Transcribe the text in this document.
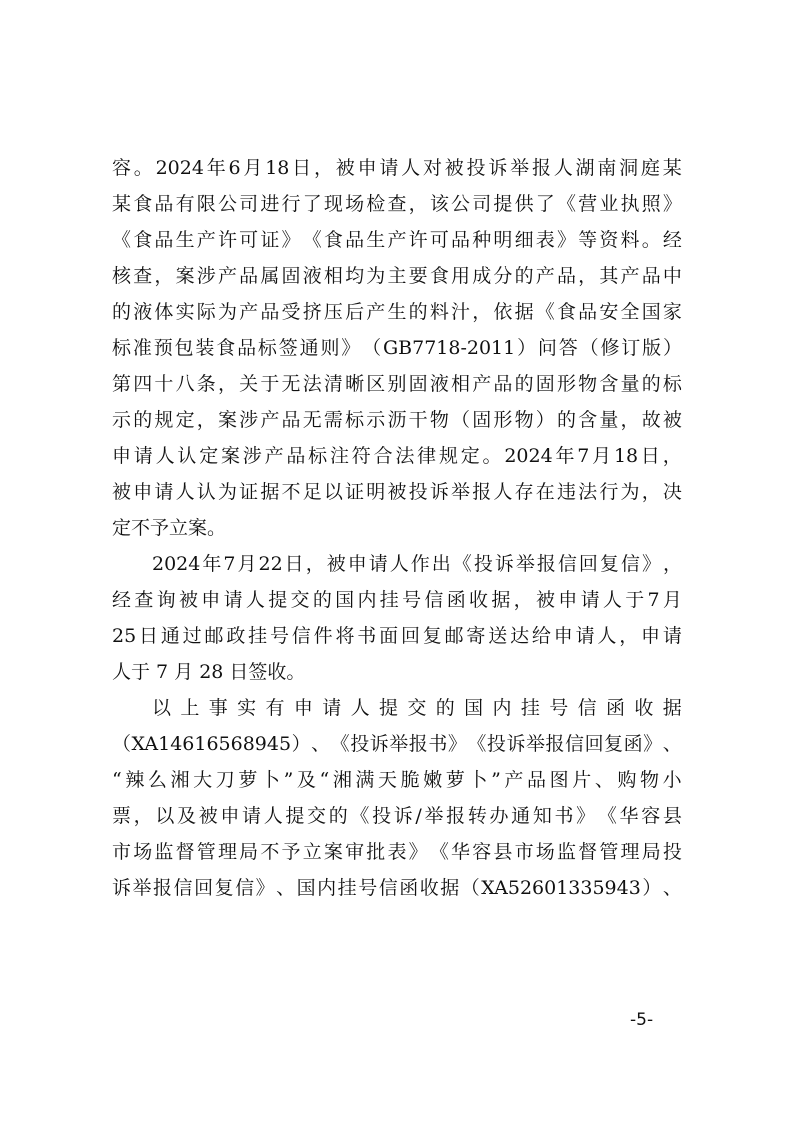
容 。 2024 年 6 月 18 日 ， 被 申 请 人 对 被 投 诉 举 报 人 湖 南 洞 庭 某
某 食 品 有 限 公 司 进 行 了 现 场 检 查 ， 该 公 司 提 供 了 《 营 业 执 照 》
《 食 品 生 产 许 可 证 》 《 食 品 生 产 许 可 品 种 明 细 表 》 等 资 料 。 经
核 查 ， 案 涉 产 品 属 固 液 相 均 为 主 要 食 用 成 分 的 产 品 ， 其 产 品 中
的 液 体 实 际 为 产 品 受 挤 压 后 产 生 的 料 汁 ， 依 据 《 食 品 安 全 国 家
标 准 预 包 装 食 品 标 签 通 则 》 （ GB7718-2011 ） 问 答 （ 修 订 版 ）
第 四 十 八 条 ， 关 于 无 法 清 晰 区 别 固 液 相 产 品 的 固 形 物 含 量 的 标
示 的 规 定 ， 案 涉 产 品 无 需 标 示 沥 干 物 （ 固 形 物 ） 的 含 量 ， 故 被
申 请 人 认 定 案 涉 产 品 标 注 符 合 法 律 规 定 。 2024 年 7 月 18 日 ，
被 申 请 人 认 为 证 据 不 足 以 证 明 被 投 诉 举 报 人 存 在 违 法 行 为 ， 决
定不予立案。
2024 年 7 月 22 日 ， 被 申 请 人 作 出 《 投 诉 举 报 信 回 复 信 》 ，
经 查 询 被 申 请 人 提 交 的 国 内 挂 号 信 函 收 据 ， 被 申 请 人 于 7 月
25 日 通 过 邮 政 挂 号 信 件 将 书 面 回 复 邮 寄 送 达 给 申 请 人 ， 申 请
人于 7 月 28 日签收。
以 上 事 实 有 申 请 人 提 交 的 国 内 挂 号 信 函 收 据
（ XA14616568945 ） 、 《 投 诉 举 报 书 》 《 投 诉 举 报 信 回 复 函 》 、
“ 辣 么 湘 大 刀 萝 卜 ” 及 “ 湘 满 天 脆 嫩 萝 卜 ” 产 品 图 片 、 购 物 小
票 ， 以 及 被 申 请 人 提 交 的 《 投 诉 / 举 报 转 办 通 知 书 》 《 华 容 县
市 场 监 督 管 理 局 不 予 立 案 审 批 表 》 《 华 容 县 市 场 监 督 管 理 局 投
诉 举 报 信 回 复 信 》 、 国 内 挂 号 信 函 收 据 （ XA52601335943 ） 、
-5-
